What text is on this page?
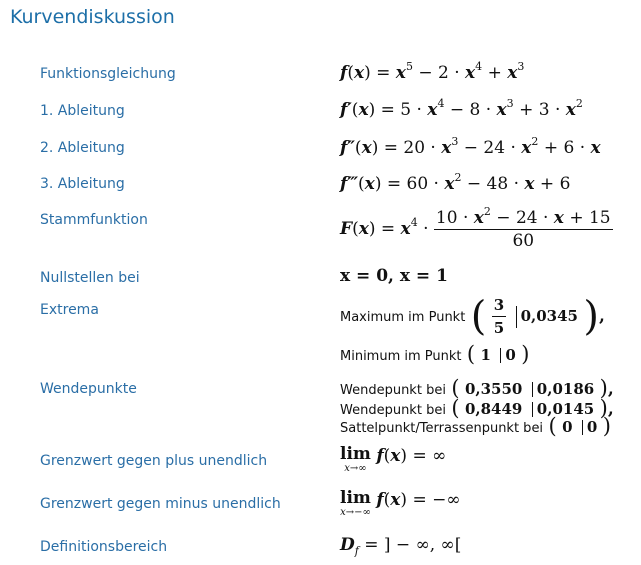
Kurvendiskussion
Funktionsgleichung	$f(x) = x^5 - 2 \cdot x^4 + x^3$
1. Ableitung	$f'(x) = 5 \cdot x^4 - 8 \cdot x^3 + 3 \cdot x^2$
2. Ableitung	$f''(x) = 20 \cdot x^3 - 24 \cdot x^2 + 6 \cdot x$
3. Ableitung	f‴(x) = $60 \cdot x^2 - 48 \cdot x + 6$
Stammfunktion	$F(x) = x^4 \cdot \frac{10 \cdot x^2 - 24 \cdot x + 15}{60}$
Nullstellen bei	x = 0, x = 1
Extrema	Maximum im Punkt ( $\frac{3}{5} 0,0345$ ),
Minimum im Punkt ( 1 0 )
Wendepunkte	Wendepunkt bei ( 0,3550 0,0186 ),
Wendepunkt bei ( 0,8449 0,0145 ),
Sattelpunkt/Terrassenpunkt bei ( 0 0 )
Grenzwert gegen plus unendlich	lim
x→∞
f(x) = ∞
Grenzwert gegen minus unendlich	lim
x→−∞
f(x) = −∞
Definitionsbereich	$D_f$ = ] − ∞, ∞[
